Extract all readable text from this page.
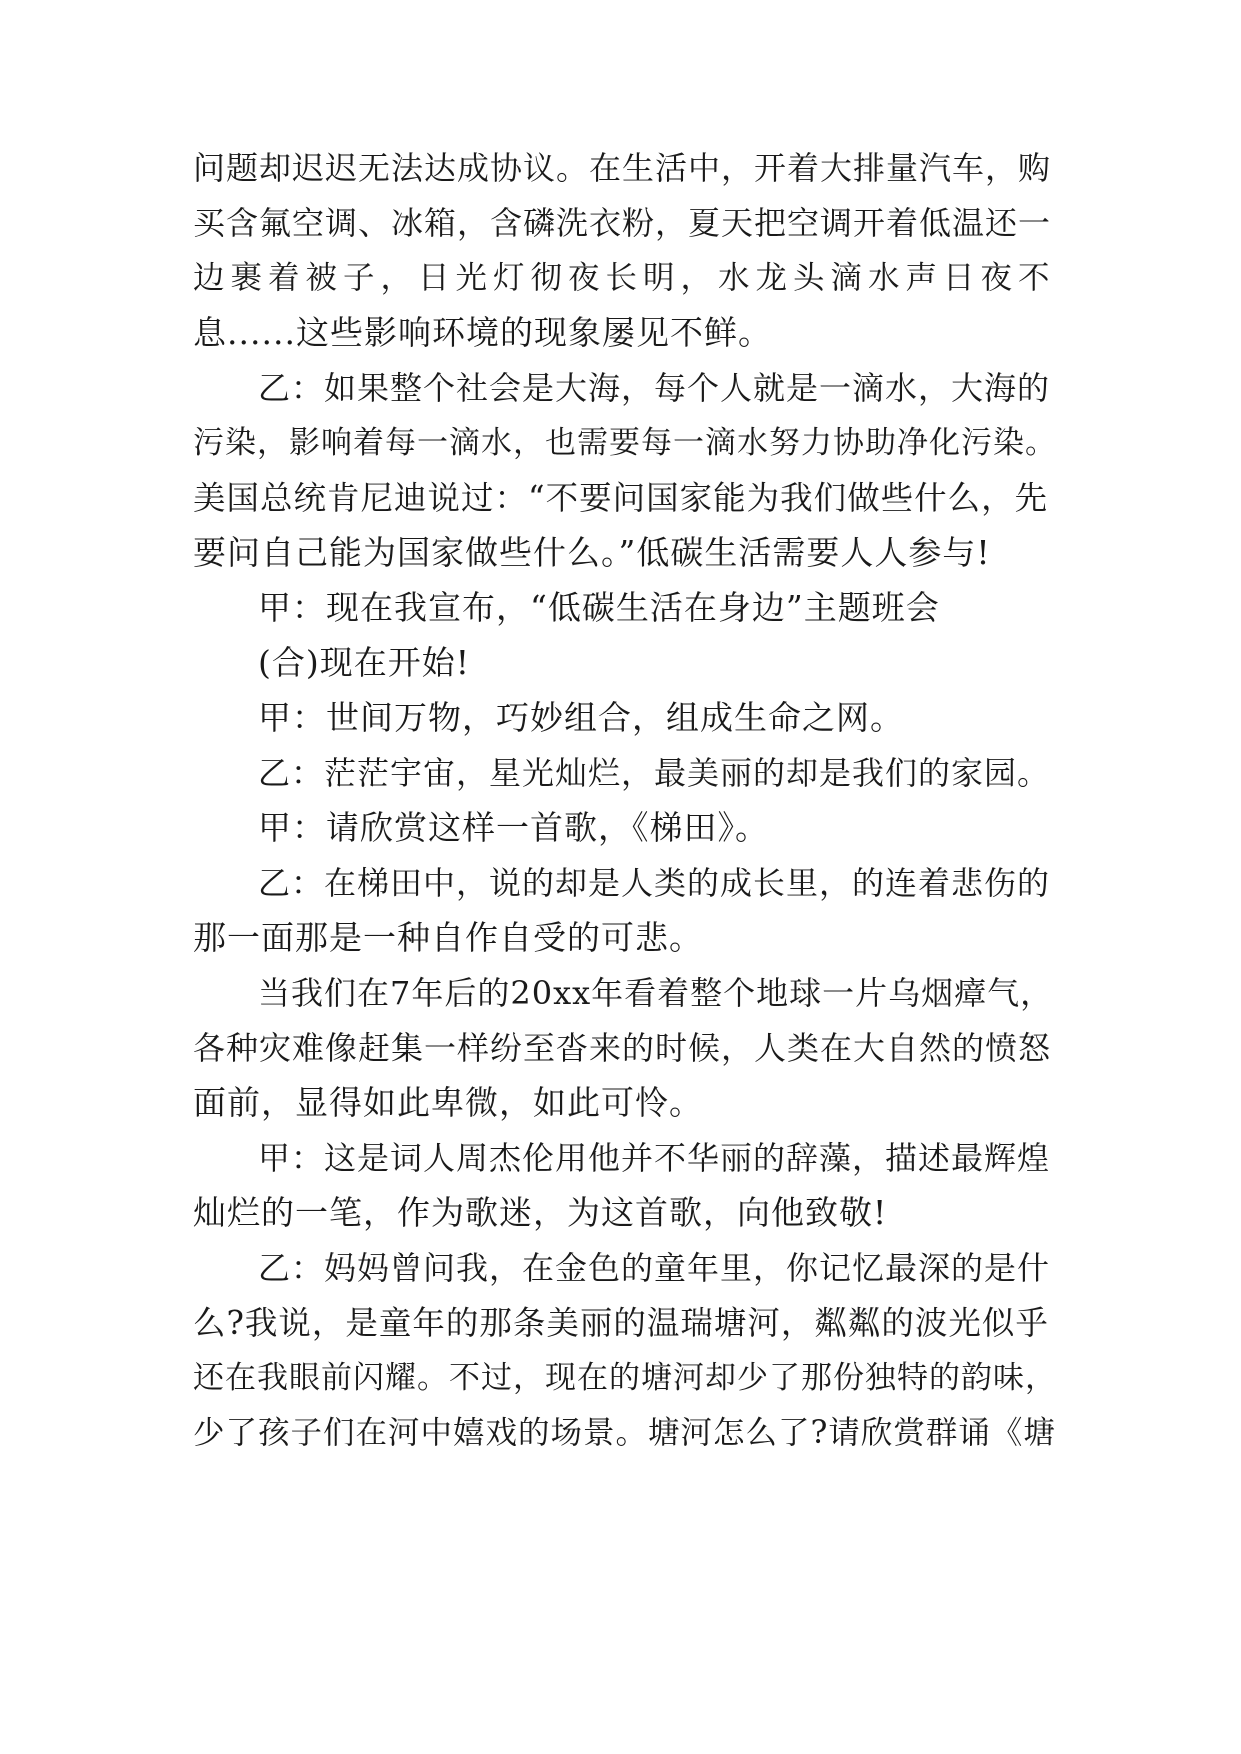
问题却迟迟无法达成协议。在生活中，开着大排量汽车，购
买含氟空调、冰箱，含磷洗衣粉，夏天把空调开着低温还一
边裹着被子，日光灯彻夜长明，水龙头滴水声日夜不
息......这些影响环境的现象屡见不鲜。
乙：如果整个社会是大海，每个人就是一滴水，大海的
污染，影响着每一滴水，也需要每一滴水努力协助净化污染。
美国总统肯尼迪说过：“不要问国家能为我们做些什么，先
要问自己能为国家做些什么。”低碳生活需要人人参与!
甲：现在我宣布，“低碳生活在身边”主题班会
(合)现在开始!
甲：世间万物，巧妙组合，组成生命之网。
乙：茫茫宇宙，星光灿烂，最美丽的却是我们的家园。
甲：请欣赏这样一首歌，《梯田》。
乙：在梯田中，说的却是人类的成长里，的连着悲伤的
那一面那是一种自作自受的可悲。
当我们在7年后的20xx年看着整个地球一片乌烟瘴气，
各种灾难像赶集一样纷至沓来的时候，人类在大自然的愤怒
面前，显得如此卑微，如此可怜。
甲：这是词人周杰伦用他并不华丽的辞藻，描述最辉煌
灿烂的一笔，作为歌迷，为这首歌，向他致敬!
乙：妈妈曾问我，在金色的童年里，你记忆最深的是什
么?我说，是童年的那条美丽的温瑞塘河，粼粼的波光似乎
还在我眼前闪耀。不过，现在的塘河却少了那份独特的韵味，
少了孩子们在河中嬉戏的场景。塘河怎么了?请欣赏群诵《塘
